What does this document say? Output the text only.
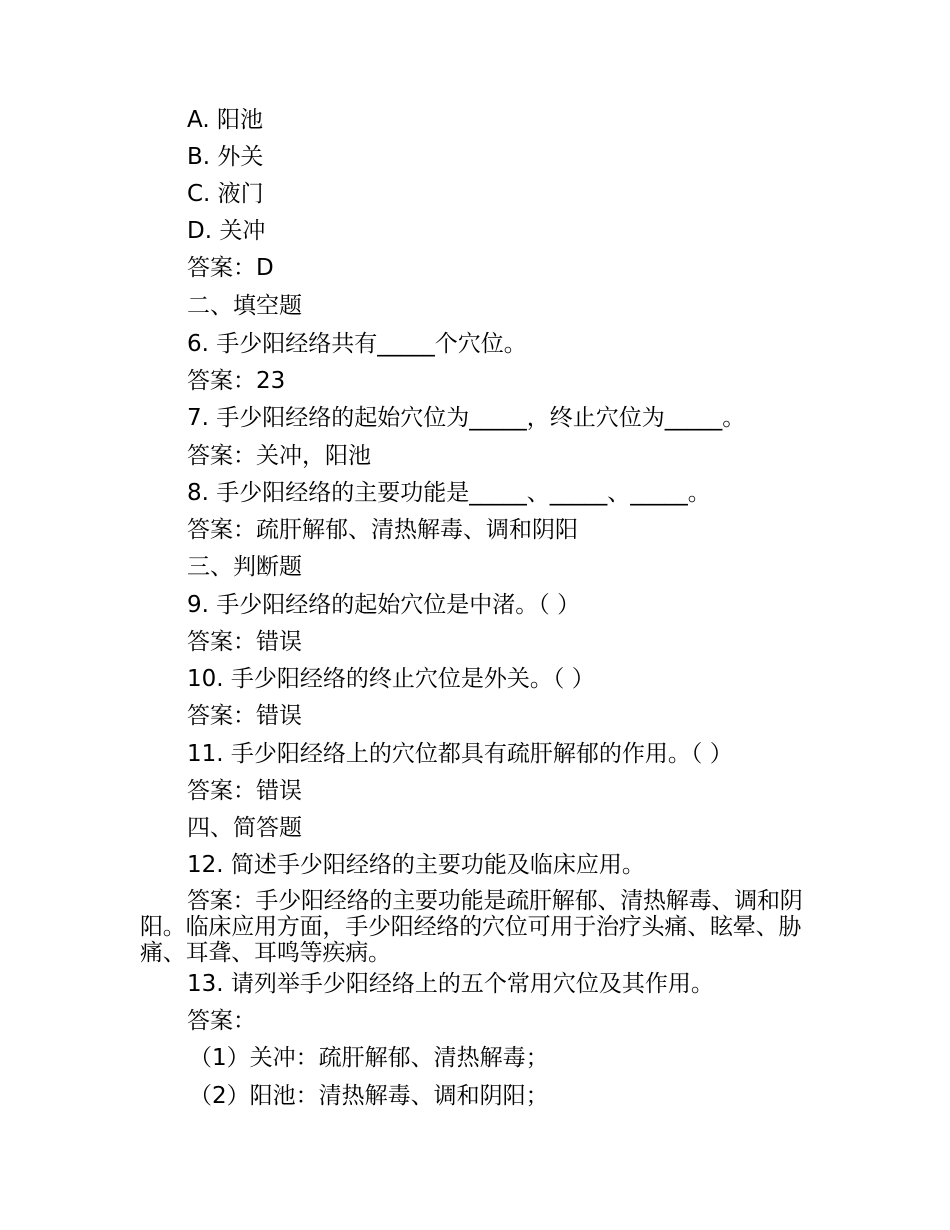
A. 阳池

B. 外关

C. 液门

D. 关冲

答案：D

二、填空题

6. 手少阳经络共有_____个穴位。

答案：23

7. 手少阳经络的起始穴位为_____，终止穴位为_____。

答案：关冲，阳池

8. 手少阳经络的主要功能是_____、_____、_____。

答案：疏肝解郁、清热解毒、调和阴阳

三、判断题

9. 手少阳经络的起始穴位是中渚。（ ）

答案：错误

10. 手少阳经络的终止穴位是外关。（ ）

答案：错误

11. 手少阳经络上的穴位都具有疏肝解郁的作用。（ ）

答案：错误

四、简答题

12. 简述手少阳经络的主要功能及临床应用。

答案：手少阳经络的主要功能是疏肝解郁、清热解毒、调和阴阳。临床应用方面，手少阳经络的穴位可用于治疗头痛、眩晕、胁痛、耳聋、耳鸣等疾病。

13. 请列举手少阳经络上的五个常用穴位及其作用。

答案：

（1）关冲：疏肝解郁、清热解毒；

（2）阳池：清热解毒、调和阴阳；
